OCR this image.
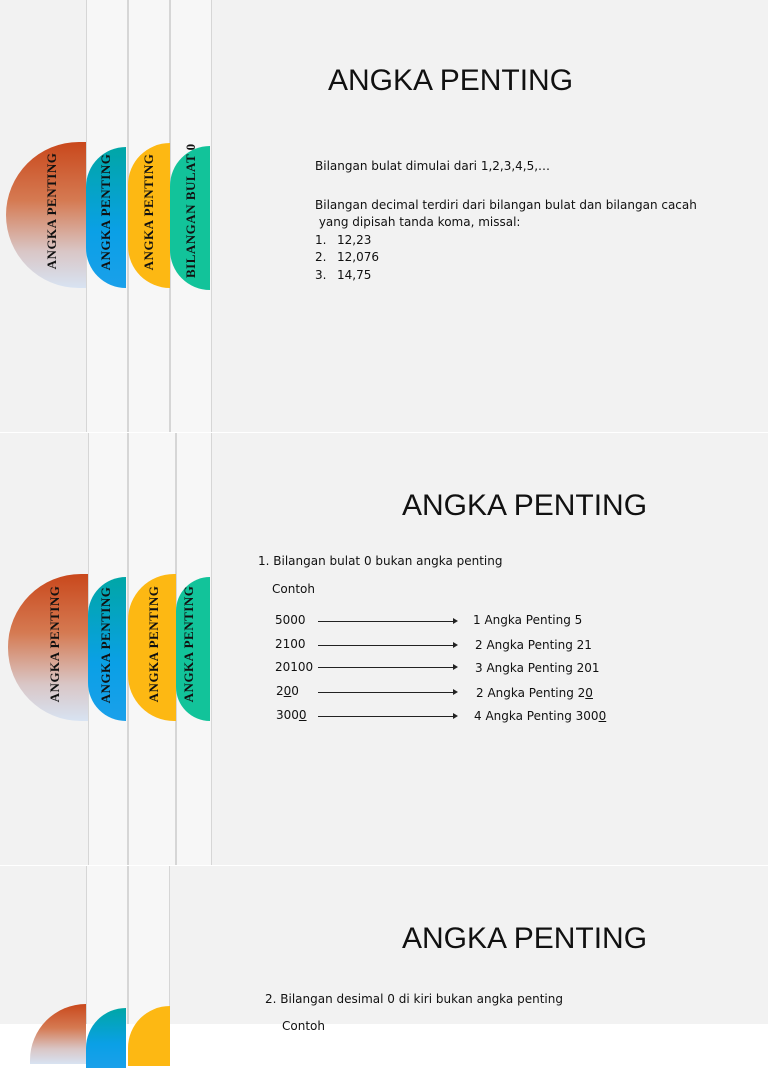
ANGKA PENTING	ANGKA PENTING ANGKA PENTING BILANGAN BULAT 0
ANGKA PENTING
Bilangan bulat dimulai dari 1,2,3,4,5,…
Bilangan decimal terdiri dari bilangan bulat dan bilangan cacah
yang dipisah tanda koma, missal:
1. 12,23
2. 12,076
3. 14,75
ANGKA PENTING	ANGKA PENTING	ANGKA PENTING ANGKA PENTING
ANGKA PENTING
1. Bilangan bulat 0 bukan angka penting
Contoh
5000	1 Angka Penting 5
2100	2 Angka Penting 21
20100	3 Angka Penting 201
200	2 Angka Penting 20
3000	4 Angka Penting 3000
ANGKA PENTING
2. Bilangan desimal 0 di kiri bukan angka penting
Contoh
